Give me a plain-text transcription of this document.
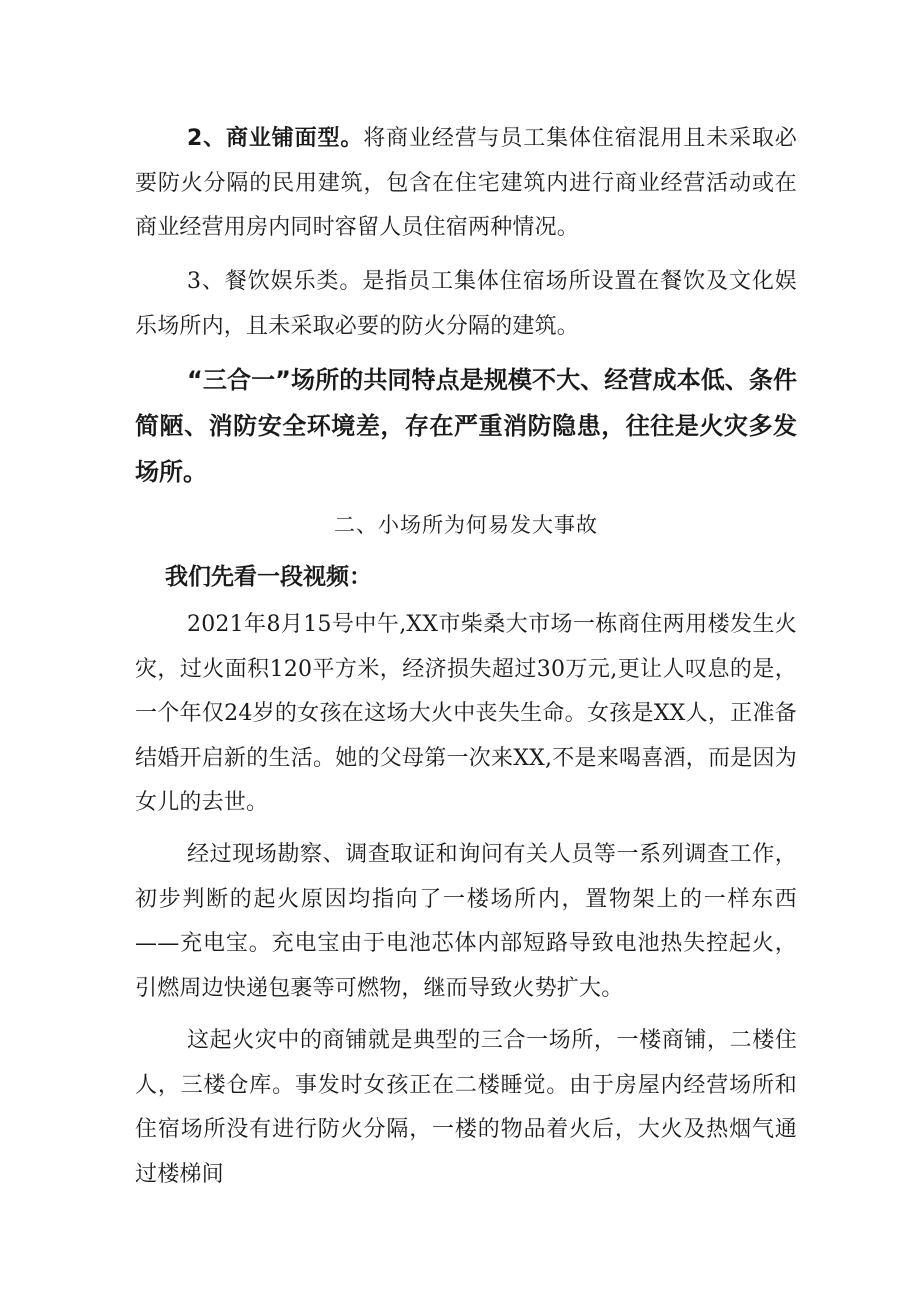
2、商业铺面型。将商业经营与员工集体住宿混用且未采取必要防火分隔的民用建筑，包含在住宅建筑内进行商业经营活动或在商业经营用房内同时容留人员住宿两种情况。

3、餐饮娱乐类。是指员工集体住宿场所设置在餐饮及文化娱乐场所内，且未采取必要的防火分隔的建筑。

“三合一”场所的共同特点是规模不大、经营成本低、条件简陋、消防安全环境差，存在严重消防隐患，往往是火灾多发场所。

二、小场所为何易发大事故

我们先看一段视频：

2021年8月15号中午,XX市柴桑大市场一栋商住两用楼发生火灾，过火面积120平方米，经济损失超过30万元,更让人叹息的是，一个年仅24岁的女孩在这场大火中丧失生命。女孩是XX人，正准备结婚开启新的生活。她的父母第一次来XX,不是来喝喜酒，而是因为女儿的去世。

经过现场勘察、调查取证和询问有关人员等一系列调查工作，初步判断的起火原因均指向了一楼场所内，置物架上的一样东西——充电宝。充电宝由于电池芯体内部短路导致电池热失控起火，引燃周边快递包裹等可燃物，继而导致火势扩大。

这起火灾中的商铺就是典型的三合一场所，一楼商铺，二楼住人，三楼仓库。事发时女孩正在二楼睡觉。由于房屋内经营场所和住宿场所没有进行防火分隔，一楼的物品着火后，大火及热烟气通过楼梯间
